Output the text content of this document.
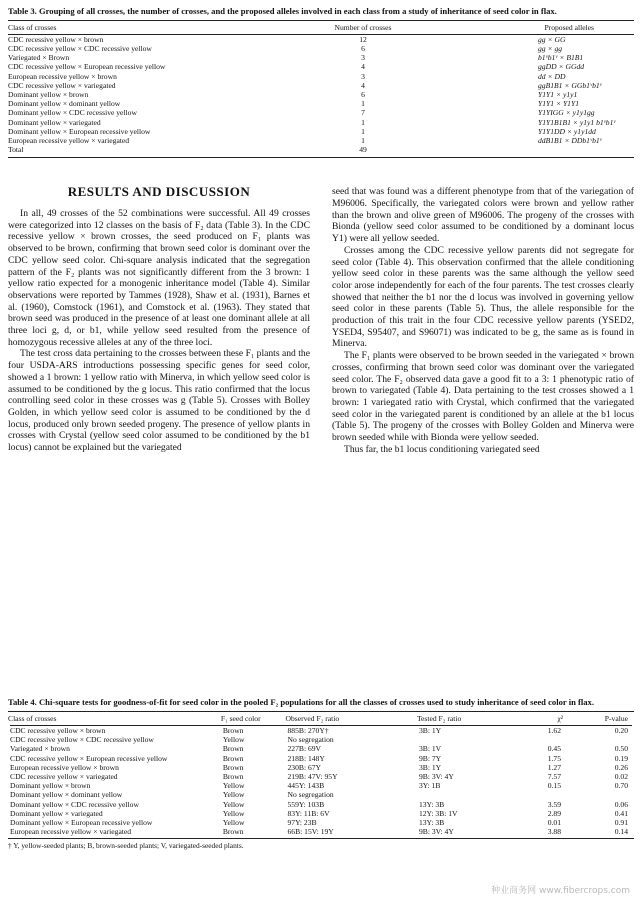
Table 3. Grouping of all crosses, the number of crosses, and the proposed alleles involved in each class from a study of inheritance of seed color in flax.
Class of crosses	Number of crosses	Proposed alleles

CDC recessive yellow × brown	12	gg × GG
CDC recessive yellow × CDC recessive yellow	6	gg × gg
Variegated × Brown	3	b1ᵛb1ᵛ × B1B1
CDC recessive yellow × European recessive yellow	4	ggDD × GGdd
European recessive yellow × brown	3	dd × DD
CDC recessive yellow × variegated	4	ggB1B1 × GGb1ᵛb1ᵛ
Dominant yellow × brown	6	Y1Y1 × y1y1
Dominant yellow × dominant yellow	1	Y1Y1 × Y1Y1
Dominant yellow × CDC recessive yellow	7	Y1YIGG × y1y1gg
Dominant yellow × variegated	1	Y1Y1B1B1 × y1y1 b1ᵛb1ᵛ
Dominant yellow × European recessive yellow	1	Y1Y1DD × y1y1dd
European recessive yellow × variegated	1	ddB1B1 × DDb1ᵛb1ᵛ
Total	49	
RESULTS AND DISCUSSION

In all, 49 crosses of the 52 combinations were successful. All 49 crosses were categorized into 12 classes on the basis of F₂ data (Table 3). In the CDC recessive yellow × brown crosses, the seed produced on F₁ plants was observed to be brown, confirming that brown seed color is dominant over the CDC yellow seed color. Chi-square analysis indicated that the segregation pattern of the F₂ plants was not significantly different from the 3 brown: 1 yellow ratio expected for a monogenic inheritance model (Table 4). Similar observations were reported by Tammes (1928), Shaw et al. (1931), Barnes et al. (1960), Comstock (1961), and Comstock et al. (1963). They stated that brown seed was produced in the presence of at least one dominant allele at all three loci g, d, or b1, while yellow seed resulted from the presence of homozygous recessive alleles at any of the three loci.

The test cross data pertaining to the crosses between these F₁ plants and the four USDA-ARS introductions possessing specific genes for seed color, showed a 1 brown: 1 yellow ratio with Minerva, in which yellow seed color is assumed to be conditioned by the g locus. This ratio confirmed that the locus controlling seed color in these crosses was g (Table 5). Crosses with Bolley Golden, in which yellow seed color is assumed to be conditioned by the d locus, produced only brown seeded progeny. The presence of yellow plants in crosses with Crystal (yellow seed color assumed to be conditioned by the b1 locus) cannot be explained but the variegated

seed that was found was a different phenotype from that of the variegation of M96006. Specifically, the variegated colors were brown and yellow rather than the brown and olive green of M96006. The progeny of the crosses with Bionda (yellow seed color assumed to be conditioned by a dominant locus Y1) were all yellow seeded.

Crosses among the CDC recessive yellow parents did not segregate for seed color (Table 4). This observation confirmed that the allele conditioning yellow seed color in these parents was the same although the yellow seed color arose independently for each of the four parents. The test crosses clearly showed that neither the b1 nor the d locus was involved in governing yellow seed color in these parents (Table 5). Thus, the allele responsible for the production of this trait in the four CDC recessive yellow parents (YSED2, YSED4, S95407, and S96071) was indicated to be g, the same as is found in Minerva.

The F₁ plants were observed to be brown seeded in the variegated × brown crosses, confirming that brown seed color was dominant over the variegated seed color. The F₂ observed data gave a good fit to a 3: 1 phenotypic ratio of brown to variegated (Table 4). Data pertaining to the test crosses showed a 1 brown: 1 variegated ratio with Crystal, which confirmed that the variegated seed color in the variegated parent is conditioned by an allele at the b1 locus (Table 5). The progeny of the crosses with Bolley Golden and Minerva were brown seeded while with Bionda were yellow seeded.

Thus far, the b1 locus conditioning variegated seed

Table 4. Chi-square tests for goodness-of-fit for seed color in the pooled F₂ populations for all the classes of crosses used to study inheritance of seed color in flax.
Class of crosses	F₁ seed color	Observed F₂ ratio	Tested F₂ ratio	χ²	P-value

CDC recessive yellow × brown	Brown	885B: 270Y†	3B: 1Y	1.62	0.20
CDC recessive yellow × CDC recessive yellow	Yellow	No segregation			
Variegated × brown	Brown	227B: 69V	3B: 1V	0.45	0.50
CDC recessive yellow × European recessive yellow	Brown	218B: 148Y	9B: 7Y	1.75	0.19
European recessive yellow × brown	Brown	230B: 67Y	3B: 1Y	1.27	0.26
CDC recessive yellow × variegated	Brown	219B: 47V: 95Y	9B: 3V: 4Y	7.57	0.02
Dominant yellow × brown	Yellow	445Y: 143B	3Y: 1B	0.15	0.70
Dominant yellow × dominant yellow	Yellow	No segregation			
Dominant yellow × CDC recessive yellow	Yellow	559Y: 103B	13Y: 3B	3.59	0.06
Dominant yellow × variegated	Yellow	83Y: 11B: 6V	12Y: 3B: 1V	2.89	0.41
Dominant yellow × European recessive yellow	Yellow	97Y: 23B	13Y: 3B	0.01	0.91
European recessive yellow × variegated	Brown	66B: 15V: 19Y	9B: 3V: 4Y	3.88	0.14
† Y, yellow-seeded plants; B, brown-seeded plants; V, variegated-seeded plants.
种业商务网 www.fibercrops.com
